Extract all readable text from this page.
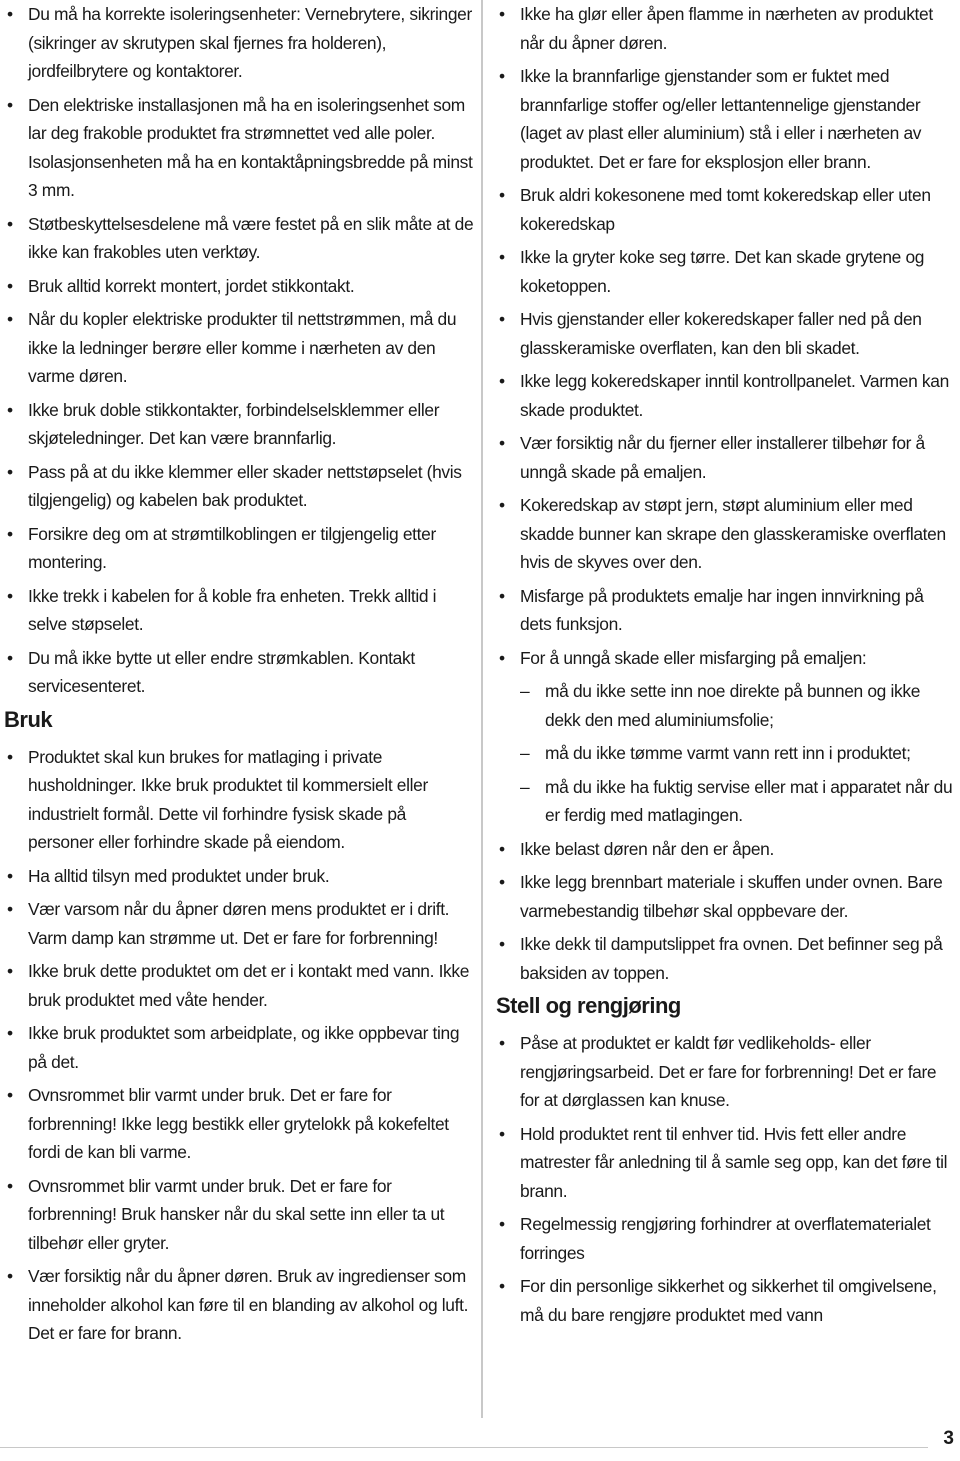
• Du må ha korrekte isoleringsenheter: Vernebrytere, sikringer (sikringer av skrutypen skal fjernes fra holderen), jordfeilbrytere og kontaktorer.
• Den elektriske installasjonen må ha en isoleringsenhet som lar deg frakoble produktet fra strømnettet ved alle poler. Isolasjonsenheten må ha en kontaktåpningsbredde på minst 3 mm.
• Støtbeskyttelsesdelene må være festet på en slik måte at de ikke kan frakobles uten verktøy.
• Bruk alltid korrekt montert, jordet stikkontakt.
• Når du kopler elektriske produkter til nettstrømmen, må du ikke la ledninger berøre eller komme i nærheten av den varme døren.
• Ikke bruk doble stikkontakter, forbindelselsklemmer eller skjøteledninger. Det kan være brannfarlig.
• Pass på at du ikke klemmer eller skader nettstøpselet (hvis tilgjengelig) og kabelen bak produktet.
• Forsikre deg om at strømtilkoblingen er tilgjengelig etter montering.
• Ikke trekk i kabelen for å koble fra enheten. Trekk alltid i selve støpselet.
• Du må ikke bytte ut eller endre strømkablen. Kontakt servicesenteret.
Bruk
• Produktet skal kun brukes for matlaging i private husholdninger. Ikke bruk produktet til kommersielt eller industrielt formål. Dette vil forhindre fysisk skade på personer eller forhindre skade på eiendom.
• Ha alltid tilsyn med produktet under bruk.
• Vær varsom når du åpner døren mens produktet er i drift. Varm damp kan strømme ut. Det er fare for forbrenning!
• Ikke bruk dette produktet om det er i kontakt med vann. Ikke bruk produktet med våte hender.
• Ikke bruk produktet som arbeidplate, og ikke oppbevar ting på det.
• Ovnsrommet blir varmt under bruk. Det er fare for forbrenning! Ikke legg bestikk eller grytelokk på kokefeltet fordi de kan bli varme.
• Ovnsrommet blir varmt under bruk. Det er fare for forbrenning! Bruk hansker når du skal sette inn eller ta ut tilbehør eller gryter.
• Vær forsiktig når du åpner døren. Bruk av ingredienser som inneholder alkohol kan føre til en blanding av alkohol og luft. Det er fare for brann.
• Ikke ha glør eller åpen flamme in nærheten av produktet når du åpner døren.
• Ikke la brannfarlige gjenstander som er fuktet med brannfarlige stoffer og/eller lettantennelige gjenstander (laget av plast eller aluminium) stå i eller i nærheten av produktet. Det er fare for eksplosjon eller brann.
• Bruk aldri kokesonene med tomt kokeredskap eller uten kokeredskap
• Ikke la gryter koke seg tørre. Det kan skade grytene og koketoppen.
• Hvis gjenstander eller kokeredskaper faller ned på den glasskeramiske overflaten, kan den bli skadet.
• Ikke legg kokeredskaper inntil kontrollpanelet. Varmen kan skade produktet.
• Vær forsiktig når du fjerner eller installerer tilbehør for å unngå skade på emaljen.
• Kokeredskap av støpt jern, støpt aluminium eller med skadde bunner kan skrape den glasskeramiske overflaten hvis de skyves over den.
• Misfarge på produktets emalje har ingen innvirkning på dets funksjon.
• For å unngå skade eller misfarging på emaljen:
– må du ikke sette inn noe direkte på bunnen og ikke dekk den med aluminiumsfolie;
– må du ikke tømme varmt vann rett inn i produktet;
– må du ikke ha fuktig servise eller mat i apparatet når du er ferdig med matlagingen.
• Ikke belast døren når den er åpen.
• Ikke legg brennbart materiale i skuffen under ovnen. Bare varmebestandig tilbehør skal oppbevare der.
• Ikke dekk til damputslippet fra ovnen. Det befinner seg på baksiden av toppen.
Stell og rengjøring
• Påse at produktet er kaldt før vedlikeholds- eller rengjøringsarbeid. Det er fare for forbrenning! Det er fare for at dørglassen kan knuse.
• Hold produktet rent til enhver tid. Hvis fett eller andre matrester får anledning til å samle seg opp, kan det føre til brann.
• Regelmessig rengjøring forhindrer at overflatematerialet forringes
• For din personlige sikkerhet og sikkerhet til omgivelsene, må du bare rengjøre produktet med vann
3
